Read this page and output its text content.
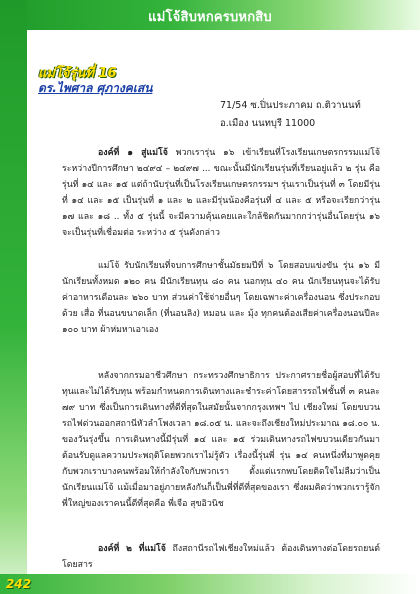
แม่โจ้สิบหกครบหกสิบ
242
แม่โจ้รุ่นที่ 16
ดร.ไพศาล ศุภางคเสน
71/54 ซ.ปิ่นประภาคม ถ.ติวานนท์
อ.เมือง นนทบุรี 11000

องค์ที่ ๑ สู่แม่โจ้ พวกเรารุ่น ๑๖ เข้าเรียนที่โรงเรียนเกษตรกรรมแม่โจ้ ระหว่างปีการศึกษา ๒๔๙๔ – ๒๔๙๗ ... ขณะนั้นมีนักเรียนรุ่นที่เรียนอยู่แล้ว ๒ รุ่น คือ รุ่นที่ ๑๔ และ ๑๕ แต่ถ้านับรุ่นที่เป็นโรงเรียนเกษตรกรรมฯ รุ่นเราเป็นรุ่นที่ ๓ โดยมีรุ่นที่ ๑๔ และ ๑๕ เป็นรุ่นที่ ๑ และ ๒ และมีรุ่นน้องคือรุ่นที่ ๔ และ ๕ หรือจะเรียกว่ารุ่น ๑๗ และ ๑๘ .. ทั้ง ๕ รุ่นนี้ จะมีความคุ้นเคยและใกล้ชิดกันมากกว่ารุ่นอื่นโดยรุ่น ๑๖ จะเป็นรุ่นที่เชื่อมต่อ ระหว่าง ๕ รุ่นดังกล่าว

แม่โจ้ รับนักเรียนที่จบการศึกษาชั้นมัธยมปีที่ ๖ โดยสอบแข่งขัน รุ่น ๑๖ มีนักเรียนทั้งหมด ๑๒๐ คน มีนักเรียนทุน ๘๐ คน นอกทุน ๔๐ คน นักเรียนทุนจะได้รับค่าอาหารเดือนละ ๒๖๐ บาท ส่วนค่าใช้จ่ายอื่นๆ โดยเฉพาะค่าเครื่องนอน ซึ่งประกอบด้วย เสื่อ ที่นอนขนาดเล็ก (ที่นอนลิง) หมอน และ มุ้ง ทุกคนต้องเสียค่าเครื่องนอนปีละ ๑๐๐ บาท ผ้าห่มหาเอาเอง

หลังจากกรมอาชีวศึกษา กระทรวงศึกษาธิการ ประกาศรายชื่อผู้สอบที่ได้รับทุนและไม่ได้รับทุน พร้อมกำหนดการเดินทางและชำระค่าโดยสารรถไฟชั้นที่ ๓ คนละ ๗๙ บาท ซึ่งเป็นการเดินทางที่ดีที่สุดในสมัยนั้นจากกรุงเทพฯ ไป เชียงใหม่ โดยขบวนรถไฟด่วนออกสถานีหัวลำโพงเวลา ๑๘.๐๕ น. และจะถึงเชียงใหม่ประมาณ ๑๘.๐๐ น. ของวันรุ่งขึ้น การเดินทางนี้มีรุ่นที่ ๑๔ และ ๑๕ ร่วมเดินทางรถไฟขบวนเดียวกันมาต้อนรับดูแลความประพฤติโดยพวกเราไม่รู้ตัว เรื่องนี้รุ่นพี่ รุ่น ๑๔ คนหนึ่งที่มาพูดคุยกับพวกเราบางคนพร้อมให้กำลังใจกับพวกเรา ตั้งแต่แรกพบโดยติดใจไม่ลืมว่าเป็นนักเรียนแม่โจ้ แม้เมื่อมาอยู่ภายหลังกันก็เป็นพี่ที่ดีที่สุดของเรา ซึ่งผมคิดว่าพวกเรารู้จักพี่ใหญ่ของเราคนนี้ดีที่สุดคือ พี่เจือ สุขอิวนิช

องค์ที่ ๒ ที่แม่โจ้ ถึงสถานีรถไฟเชียงใหม่แล้ว ต้องเดินทางต่อโดยรถยนต์โดยสาร
